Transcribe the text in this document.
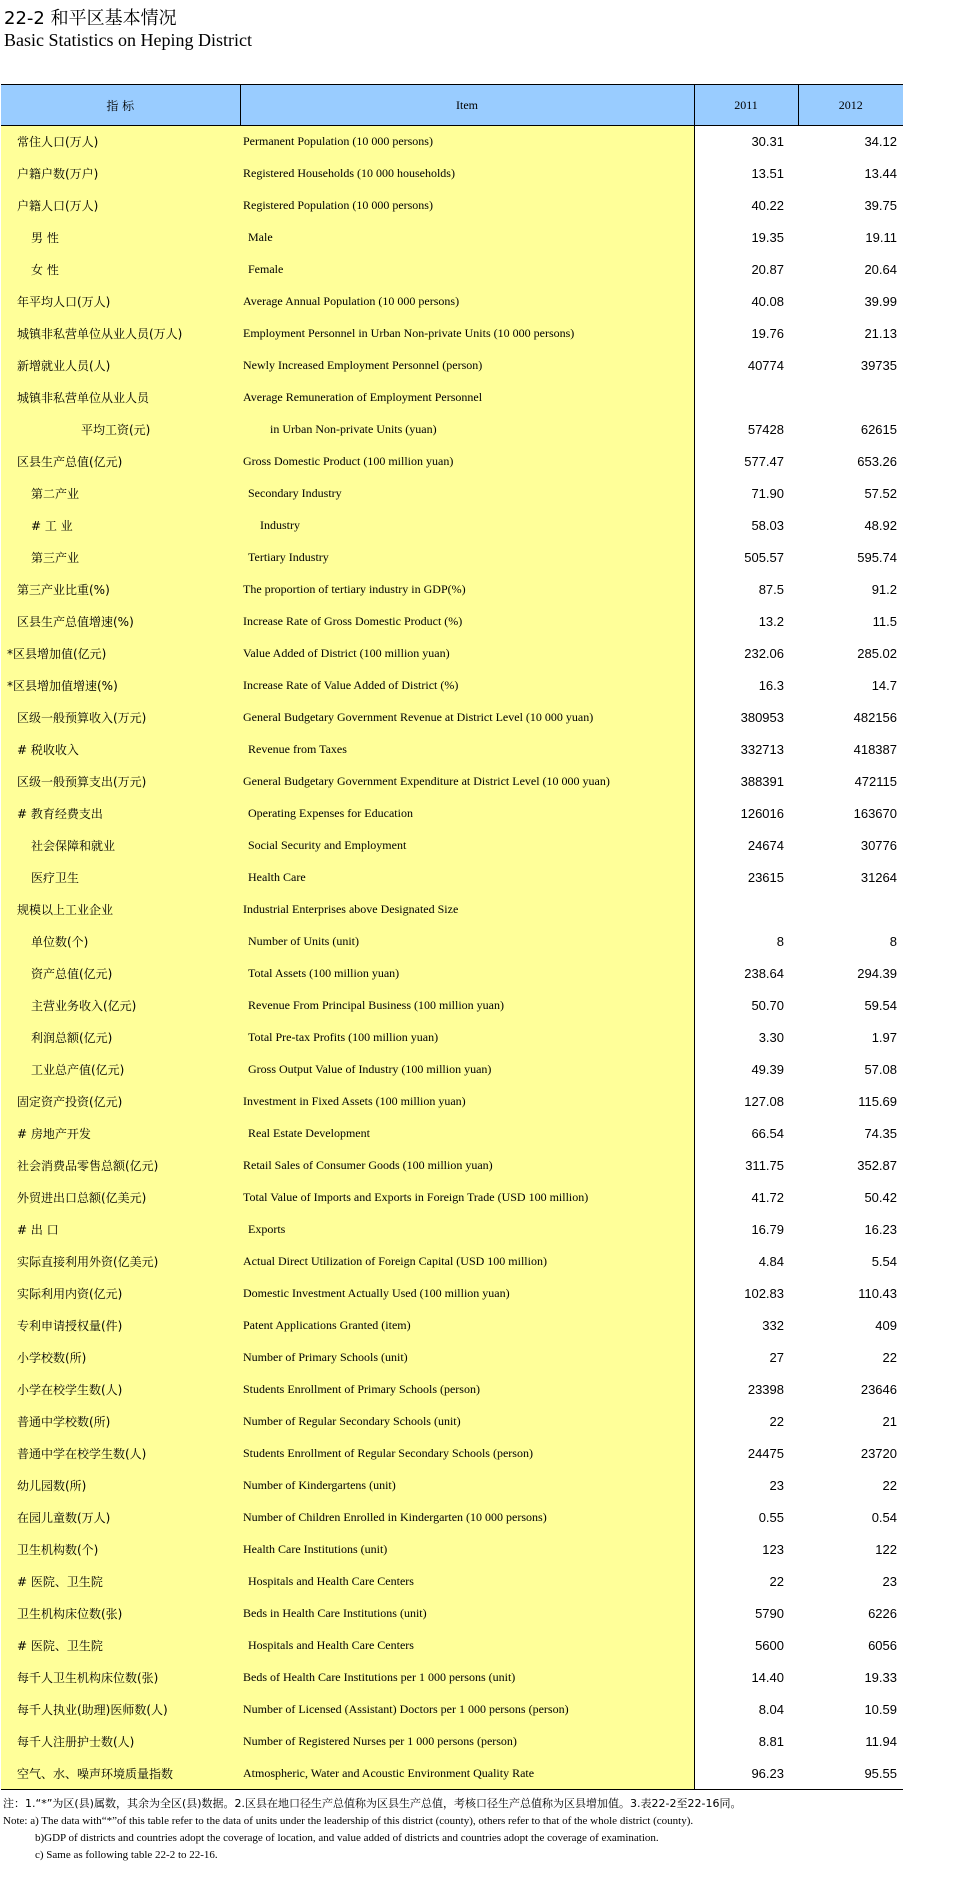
22-2 和平区基本情况
Basic Statistics on Heping District
指 标	Item	2011	2012
常住人口(万人)	Permanent Population (10 000 persons)	30.31	34.12
户籍户数(万户)	Registered Households (10 000 households)	13.51	13.44
户籍人口(万人)	Registered Population (10 000 persons)	40.22	39.75
男 性	Male	19.35	19.11
女 性	Female	20.87	20.64
年平均人口(万人)	Average Annual Population (10 000 persons)	40.08	39.99
城镇非私营单位从业人员(万人)	Employment Personnel in Urban Non-private Units (10 000 persons)	19.76	21.13
新增就业人员(人)	Newly Increased Employment Personnel (person)	40774	39735
城镇非私营单位从业人员	Average Remuneration of Employment Personnel		
平均工资(元)	in Urban Non-private Units (yuan)	57428	62615
区县生产总值(亿元)	Gross Domestic Product (100 million yuan)	577.47	653.26
第二产业	Secondary Industry	71.90	57.52
# 工 业	Industry	58.03	48.92
第三产业	Tertiary Industry	505.57	595.74
第三产业比重(%)	The proportion of tertiary industry in GDP(%)	87.5	91.2
区县生产总值增速(%)	Increase Rate of Gross Domestic Product (%)	13.2	11.5
*区县增加值(亿元)	Value Added of District (100 million yuan)	232.06	285.02
*区县增加值增速(%)	Increase Rate of Value Added of District (%)	16.3	14.7
区级一般预算收入(万元)	General Budgetary Government Revenue at District Level (10 000 yuan)	380953	482156
# 税收收入	Revenue from Taxes	332713	418387
区级一般预算支出(万元)	General Budgetary Government Expenditure at District Level (10 000 yuan)	388391	472115
# 教育经费支出	Operating Expenses for Education	126016	163670
社会保障和就业	Social Security and Employment	24674	30776
医疗卫生	Health Care	23615	31264
规模以上工业企业	Industrial Enterprises above Designated Size		
单位数(个)	Number of Units (unit)	8	8
资产总值(亿元)	Total Assets (100 million yuan)	238.64	294.39
主营业务收入(亿元)	Revenue From Principal Business (100 million yuan)	50.70	59.54
利润总额(亿元)	Total Pre-tax Profits (100 million yuan)	3.30	1.97
工业总产值(亿元)	Gross Output Value of Industry (100 million yuan)	49.39	57.08
固定资产投资(亿元)	Investment in Fixed Assets (100 million yuan)	127.08	115.69
# 房地产开发	Real Estate Development	66.54	74.35
社会消费品零售总额(亿元)	Retail Sales of Consumer Goods (100 million yuan)	311.75	352.87
外贸进出口总额(亿美元)	Total Value of Imports and Exports in Foreign Trade (USD 100 million)	41.72	50.42
# 出 口	Exports	16.79	16.23
实际直接利用外资(亿美元)	Actual Direct Utilization of Foreign Capital (USD 100 million)	4.84	5.54
实际利用内资(亿元)	Domestic Investment Actually Used (100 million yuan)	102.83	110.43
专利申请授权量(件)	Patent Applications Granted (item)	332	409
小学校数(所)	Number of Primary Schools (unit)	27	22
小学在校学生数(人)	Students Enrollment of Primary Schools (person)	23398	23646
普通中学校数(所)	Number of Regular Secondary Schools (unit)	22	21
普通中学在校学生数(人)	Students Enrollment of Regular Secondary Schools (person)	24475	23720
幼儿园数(所)	Number of Kindergartens (unit)	23	22
在园儿童数(万人)	Number of Children Enrolled in Kindergarten (10 000 persons)	0.55	0.54
卫生机构数(个)	Health Care Institutions (unit)	123	122
# 医院、卫生院	Hospitals and Health Care Centers	22	23
卫生机构床位数(张)	Beds in Health Care Institutions (unit)	5790	6226
# 医院、卫生院	Hospitals and Health Care Centers	5600	6056
每千人卫生机构床位数(张)	Beds of Health Care Institutions per 1 000 persons (unit)	14.40	19.33
每千人执业(助理)医师数(人)	Number of Licensed (Assistant) Doctors per 1 000 persons (person)	8.04	10.59
每千人注册护士数(人)	Number of Registered Nurses per 1 000 persons (person)	8.81	11.94
空气、水、噪声环境质量指数	Atmospheric, Water and Acoustic Environment Quality Rate	96.23	95.55
注：1.“*”为区(县)属数，其余为全区(县)数据。2.区县在地口径生产总值称为区县生产总值，考核口径生产总值称为区县增加值。3.表22-2至22-16同。
Note: a) The data with“*”of this table refer to the data of units under the leadership of this district (county), others refer to that of the whole district (county).
b)GDP of districts and countries adopt the coverage of location, and value added of districts and countries adopt the coverage of examination.
c) Same as following table 22-2 to 22-16.
